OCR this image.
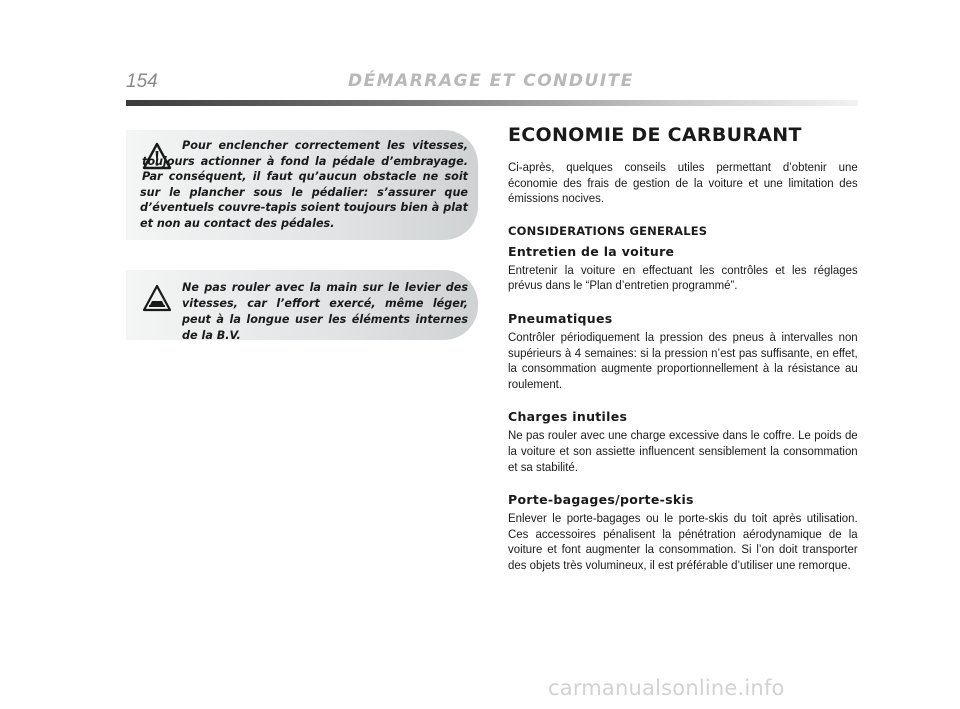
154	DÉMARRAGE ET CONDUITE
Pour enclencher correctement les vitesses, toujours actionner à fond la pédale d’embrayage. Par conséquent, il faut qu’aucun obstacle ne soit sur le plancher sous le pédalier: s’assurer que d’éventuels couvre-tapis soient toujours bien à plat et non au contact des pédales.
Ne pas rouler avec la main sur le levier des vitesses, car l’effort exercé, même léger, peut à la longue user les éléments internes de la B.V.
ECONOMIE DE CARBURANT

Ci-après, quelques conseils utiles permettant d’obtenir une économie des frais de gestion de la voiture et une limitation des émissions nocives.

CONSIDERATIONS GENERALES
Entretien de la voiture

Entretenir la voiture en effectuant les contrôles et les réglages prévus dans le “Plan d’entretien programmé”.

Pneumatiques

Contrôler périodiquement la pression des pneus à intervalles non supérieurs à 4 semaines: si la pression n’est pas suffisante, en effet, la consommation augmente proportionnellement à la résistance au roulement.

Charges inutiles

Ne pas rouler avec une charge excessive dans le coffre. Le poids de la voiture et son assiette influencent sensiblement la consommation et sa stabilité.

Porte-bagages/porte-skis

Enlever le porte-bagages ou le porte-skis du toit après utilisation. Ces accessoires pénalisent la pénétration aérodynamique de la voiture et font augmenter la consommation. Si l’on doit transporter des objets très volumineux, il est préférable d’utiliser une remorque.

carmanualsonline.info
